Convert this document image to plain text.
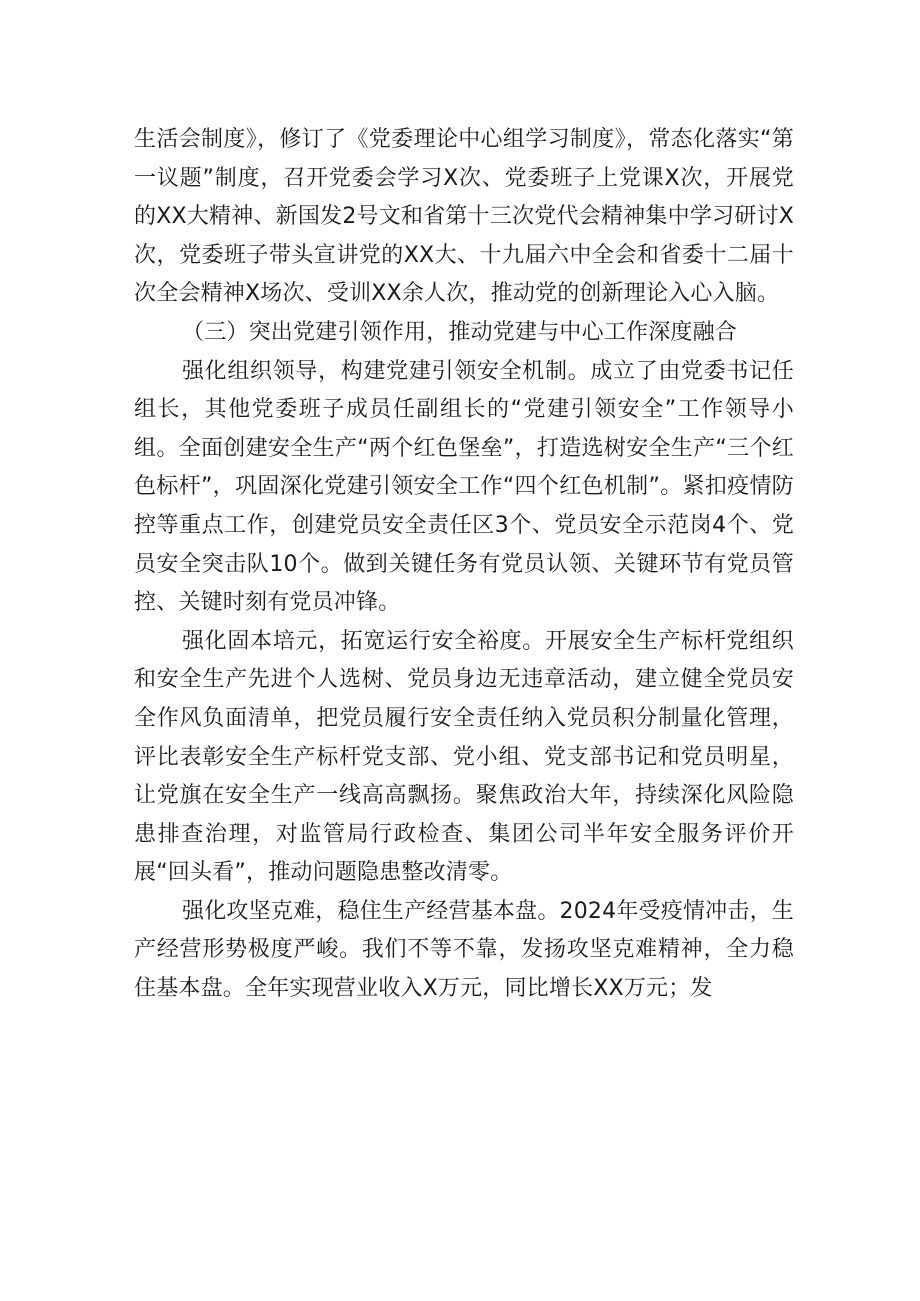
生活会制度》，修订了《党委理论中心组学习制度》，常态化落实“第一议题”制度，召开党委会学习X次、党委班子上党课X次，开展党的XX大精神、新国发2号文和省第十三次党代会精神集中学习研讨X次，党委班子带头宣讲党的XX大、十九届六中全会和省委十二届十次全会精神X场次、受训XX余人次，推动党的创新理论入心入脑。

（三）突出党建引领作用，推动党建与中心工作深度融合

强化组织领导，构建党建引领安全机制。成立了由党委书记任组长，其他党委班子成员任副组长的“党建引领安全”工作领导小组。全面创建安全生产“两个红色堡垒”，打造选树安全生产“三个红色标杆”，巩固深化党建引领安全工作“四个红色机制”。紧扣疫情防控等重点工作，创建党员安全责任区3个、党员安全示范岗4个、党员安全突击队10个。做到关键任务有党员认领、关键环节有党员管控、关键时刻有党员冲锋。

强化固本培元，拓宽运行安全裕度。开展安全生产标杆党组织和安全生产先进个人选树、党员身边无违章活动，建立健全党员安全作风负面清单，把党员履行安全责任纳入党员积分制量化管理，评比表彰安全生产标杆党支部、党小组、党支部书记和党员明星，让党旗在安全生产一线高高飘扬。聚焦政治大年，持续深化风险隐患排查治理，对监管局行政检查、集团公司半年安全服务评价开展“回头看”，推动问题隐患整改清零。

强化攻坚克难，稳住生产经营基本盘。2024年受疫情冲击，生产经营形势极度严峻。我们不等不靠，发扬攻坚克难精神，全力稳住基本盘。全年实现营业收入X万元，同比增长XX万元；发
